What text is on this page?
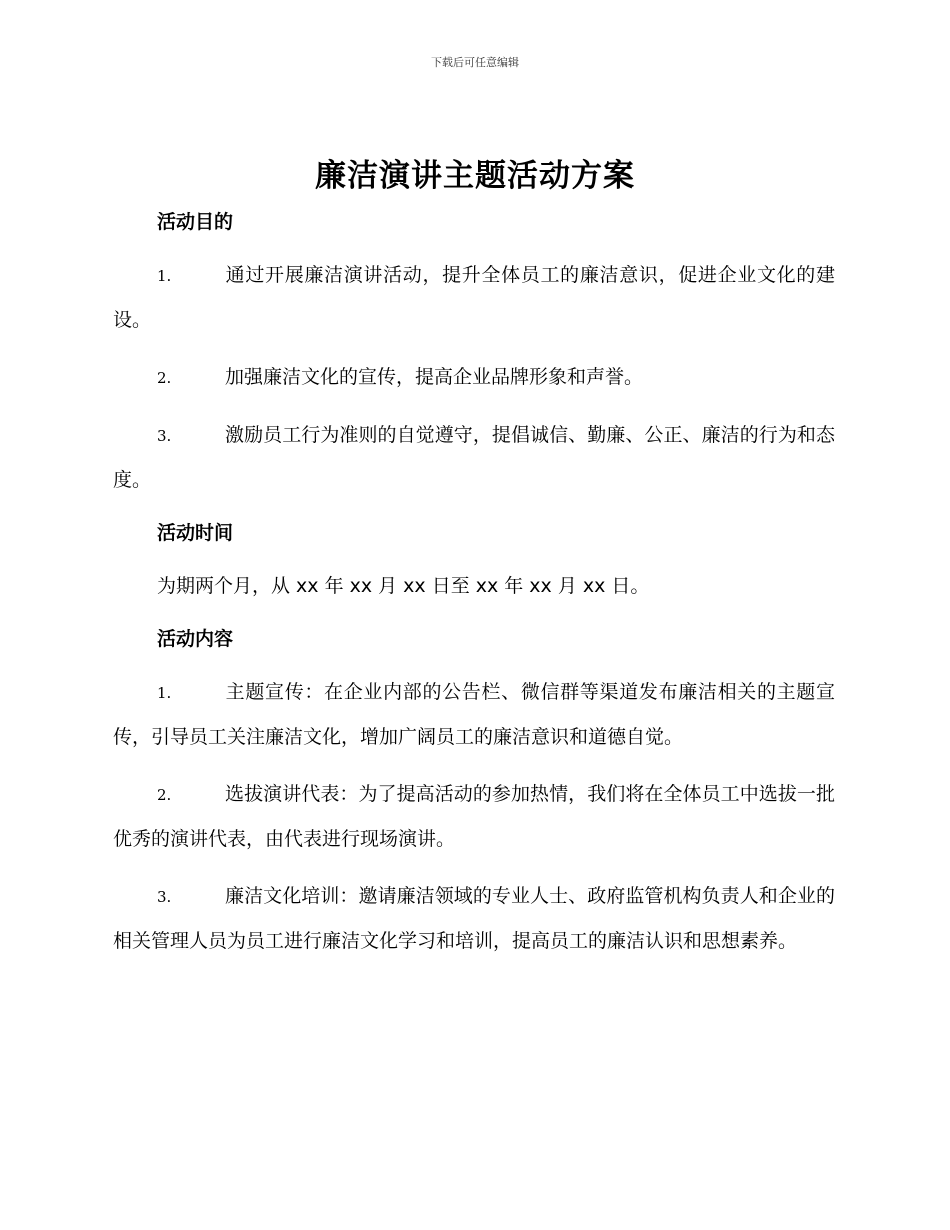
下载后可任意编辑
廉洁演讲主题活动方案
活动目的
1.	通过开展廉洁演讲活动，提升全体员工的廉洁意识，促进企业文化的建设。
2.	加强廉洁文化的宣传，提高企业品牌形象和声誉。
3.	激励员工行为准则的自觉遵守，提倡诚信、勤廉、公正、廉洁的行为和态度。
活动时间
为期两个月，从 xx 年 xx 月 xx 日至 xx 年 xx 月 xx 日。
活动内容
1.	主题宣传：在企业内部的公告栏、微信群等渠道发布廉洁相关的主题宣传，引导员工关注廉洁文化，增加广阔员工的廉洁意识和道德自觉。
2.	选拔演讲代表：为了提高活动的参加热情，我们将在全体员工中选拔一批优秀的演讲代表，由代表进行现场演讲。
3.	廉洁文化培训：邀请廉洁领域的专业人士、政府监管机构负责人和企业的相关管理人员为员工进行廉洁文化学习和培训，提高员工的廉洁认识和思想素养。
